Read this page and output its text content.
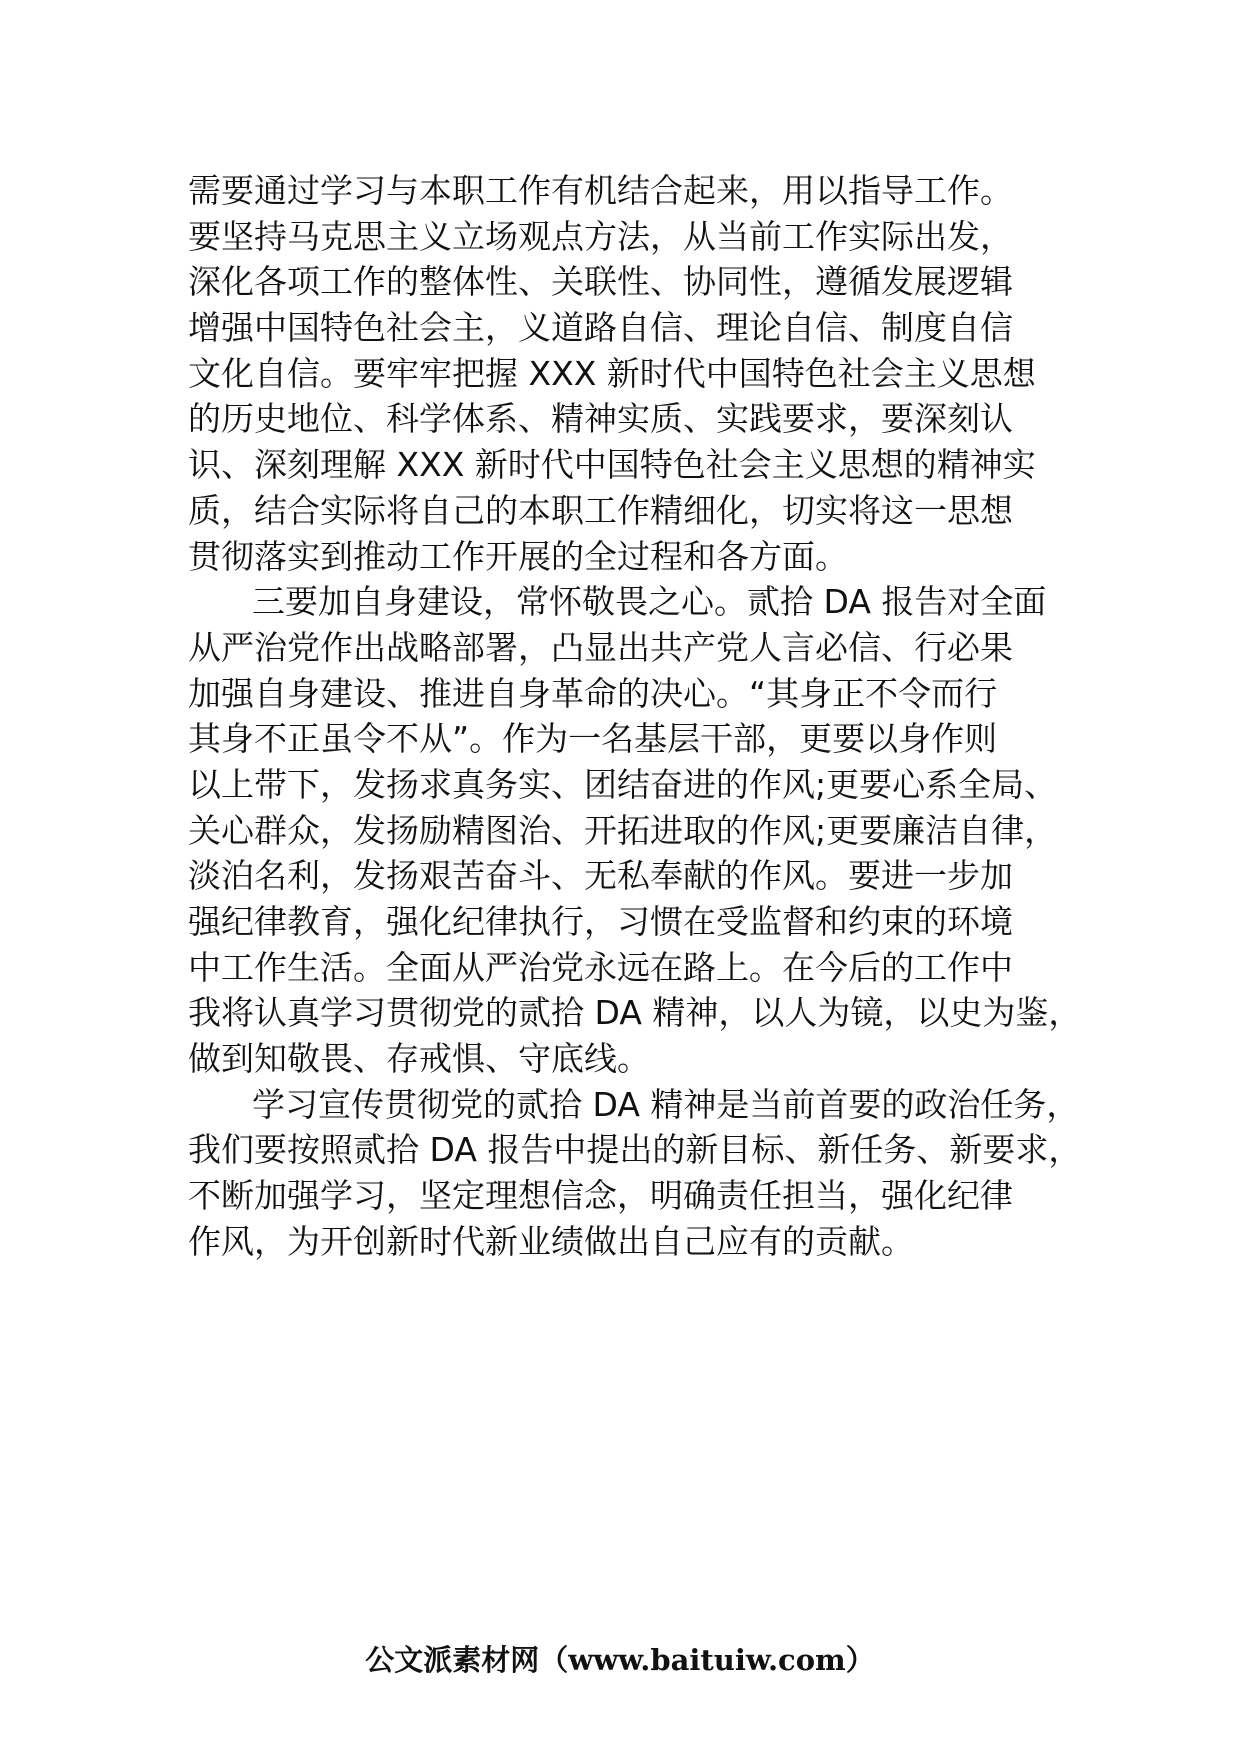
需要通过学习与本职工作有机结合起来，用以指导工作。
要坚持马克思主义立场观点方法，从当前工作实际出发，
深化各项工作的整体性、关联性、协同性，遵循发展逻辑
增强中国特色社会主，义道路自信、理论自信、制度自信
文化自信。要牢牢把握 XXX 新时代中国特色社会主义思想
的历史地位、科学体系、精神实质、实践要求，要深刻认
识、深刻理解 XXX 新时代中国特色社会主义思想的精神实
质，结合实际将自己的本职工作精细化，切实将这一思想
贯彻落实到推动工作开展的全过程和各方面。
三要加自身建设，常怀敬畏之心。贰拾 DA 报告对全面
从严治党作出战略部署，凸显出共产党人言必信、行必果
加强自身建设、推进自身革命的决心。“其身正不令而行
其身不正虽令不从”。作为一名基层干部，更要以身作则
以上带下，发扬求真务实、团结奋进的作风;更要心系全局、
关心群众，发扬励精图治、开拓进取的作风;更要廉洁自律，
淡泊名利，发扬艰苦奋斗、无私奉献的作风。要进一步加
强纪律教育，强化纪律执行，习惯在受监督和约束的环境
中工作生活。全面从严治党永远在路上。在今后的工作中
我将认真学习贯彻党的贰拾 DA 精神，以人为镜，以史为鉴，
做到知敬畏、存戒惧、守底线。
学习宣传贯彻党的贰拾 DA 精神是当前首要的政治任务，
我们要按照贰拾 DA 报告中提出的新目标、新任务、新要求，
不断加强学习，坚定理想信念，明确责任担当，强化纪律
作风，为开创新时代新业绩做出自己应有的贡献。
公文派素材网（www.baituiw.com）
